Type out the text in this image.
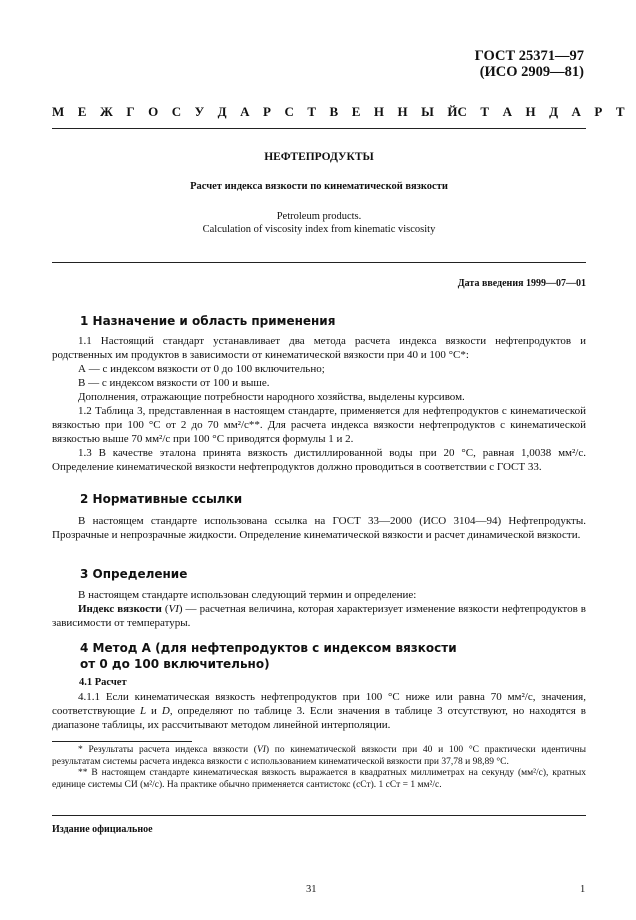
ГОСТ 25371—97
(ИСО 2909—81)
М Е Ж Г О С У Д А Р С Т В Е Н Н Ы Й С Т А Н Д А Р Т
НЕФТЕПРОДУКТЫ
Расчет индекса вязкости по кинематической вязкости
Petroleum products.
Calculation of viscosity index from kinematic viscosity
Дата введения 1999—07—01
1 Назначение и область применения

1.1 Настоящий стандарт устанавливает два метода расчета индекса вязкости нефтепродуктов и родственных им продуктов в зависимости от кинематической вязкости при 40 и 100 °С*:

А — с индексом вязкости от 0 до 100 включительно;

В — с индексом вязкости от 100 и выше.

Дополнения, отражающие потребности народного хозяйства, выделены курсивом.

1.2 Таблица 3, представленная в настоящем стандарте, применяется для нефтепродуктов с кинематической вязкостью при 100 °С от 2 до 70 мм²/с**. Для расчета индекса вязкости нефтепродуктов с кинематической вязкостью выше 70 мм²/с при 100 °С приводятся формулы 1 и 2.

1.3 В качестве эталона принята вязкость дистиллированной воды при 20 °С, равная 1,0038 мм²/с. Определение кинематической вязкости нефтепродуктов должно проводиться в соответствии с ГОСТ 33.

2 Нормативные ссылки

В настоящем стандарте использована ссылка на ГОСТ 33—2000 (ИСО 3104—94) Нефтепродукты. Прозрачные и непрозрачные жидкости. Определение кинематической вязкости и расчет динамической вязкости.

3 Определение

В настоящем стандарте использован следующий термин и определение:

Индекс вязкости (VI) — расчетная величина, которая характеризует изменение вязкости нефтепродуктов в зависимости от температуры.

4 Метод А (для нефтепродуктов с индексом вязкости
от 0 до 100 включительно)
4.1 Расчет

4.1.1 Если кинематическая вязкость нефтепродуктов при 100 °С ниже или равна 70 мм²/с, значения, соответствующие L и D, определяют по таблице 3. Если значения в таблице 3 отсутствуют, но находятся в диапазоне таблицы, их рассчитывают методом линейной интерполяции.

* Результаты расчета индекса вязкости (VI) по кинематической вязкости при 40 и 100 °С практически идентичны результатам системы расчета индекса вязкости с использованием кинематической вязкости при 37,78 и 98,89 °С.

** В настоящем стандарте кинематическая вязкость выражается в квадратных миллиметрах на секунду (мм²/с), кратных единице системы СИ (м²/с). На практике обычно применяется сантистокс (сСт). 1 сСт = 1 мм²/с.

Издание официальное
31	1
